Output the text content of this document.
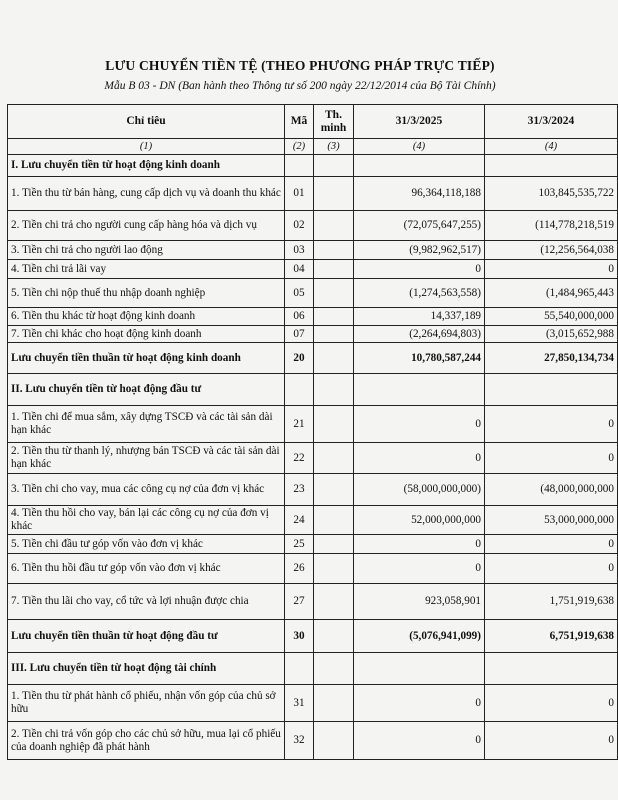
LƯU CHUYỂN TIỀN TỆ (THEO PHƯƠNG PHÁP TRỰC TIẾP)
Mẫu B 03 - DN (Ban hành theo Thông tư số 200 ngày 22/12/2014 của Bộ Tài Chính)
Chỉ tiêu	Mã	Th. minh	31/3/2025	31/3/2024
(1)	(2)	(3)	(4)	(4)
I. Lưu chuyển tiền từ hoạt động kinh doanh				
1. Tiền thu từ bán hàng, cung cấp dịch vụ và doanh thu khác	01		96,364,118,188	103,845,535,722
2. Tiền chi trả cho người cung cấp hàng hóa và dịch vụ	02		(72,075,647,255)	(114,778,218,519
3. Tiền chi trả cho người lao động	03		(9,982,962,517)	(12,256,564,038
4. Tiền chi trả lãi vay	04		0	0
5. Tiền chi nộp thuế thu nhập doanh nghiệp	05		(1,274,563,558)	(1,484,965,443
6. Tiền thu khác từ hoạt động kinh doanh	06		14,337,189	55,540,000,000
7. Tiền chi khác cho hoạt động kinh doanh	07		(2,264,694,803)	(3,015,652,988
Lưu chuyển tiền thuần từ hoạt động kinh doanh	20		10,780,587,244	27,850,134,734
II. Lưu chuyển tiền từ hoạt động đầu tư				
1. Tiền chi để mua sắm, xây dựng TSCĐ và các tài sản dài hạn khác	21		0	0
2. Tiền thu từ thanh lý, nhượng bán TSCĐ và các tài sản dài hạn khác	22		0	0
3. Tiền chi cho vay, mua các công cụ nợ của đơn vị khác	23		(58,000,000,000)	(48,000,000,000
4. Tiền thu hồi cho vay, bán lại các công cụ nợ của đơn vị khác	24		52,000,000,000	53,000,000,000
5. Tiền chi đầu tư góp vốn vào đơn vị khác	25		0	0
6. Tiền thu hồi đầu tư góp vốn vào đơn vị khác	26		0	0
7. Tiền thu lãi cho vay, cổ tức và lợi nhuận được chia	27		923,058,901	1,751,919,638
Lưu chuyển tiền thuần từ hoạt động đầu tư	30		(5,076,941,099)	6,751,919,638
III. Lưu chuyển tiền từ hoạt động tài chính				
1. Tiền thu từ phát hành cổ phiếu, nhận vốn góp của chủ sở hữu	31		0	0
2. Tiền chi trả vốn góp cho các chủ sở hữu, mua lại cổ phiếu của doanh nghiệp đã phát hành	32		0	0
